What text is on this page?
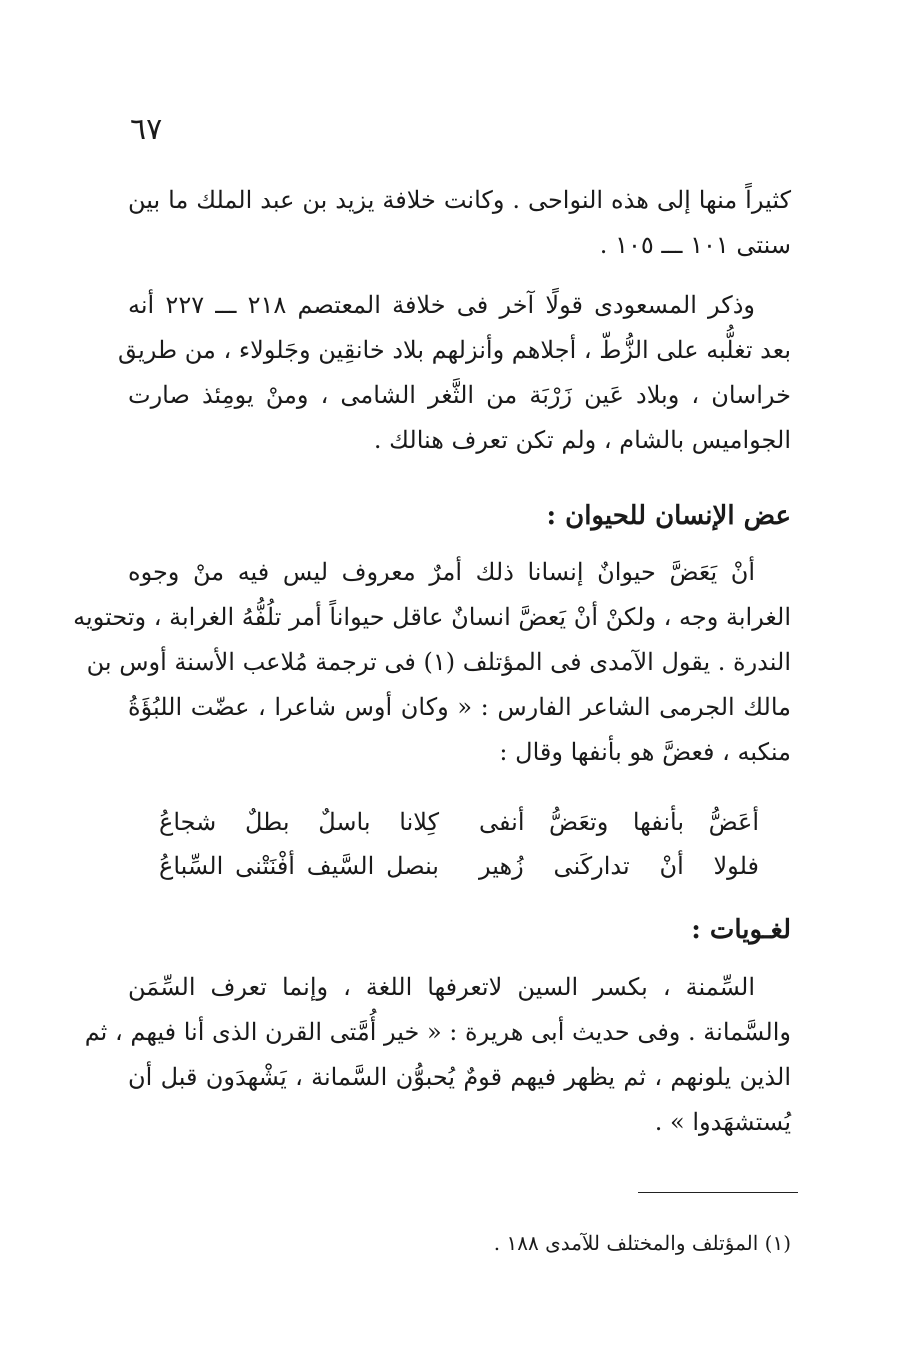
٦٧
كثيراً منها إلى هذه النواحى . وكانت خلافة يزيد بن عبد الملك ما بين
سنتى ١٠١ ـــ ١٠٥ .
وذكر المسعودى قولًا آخر فى خلافة المعتصم ٢١٨ ـــ ٢٢٧ أنه
بعد تغلُّبه على الزُّطّ ، أجلاهم وأنزلهم بلاد خانقِين وجَلولاء ، من طريق
خراسان ، وبلاد عَين زَرْبَة من الثَّغر الشامى ، ومنْ يومِئذ صارت
الجواميس بالشام ، ولم تكن تعرف هنالك .
عض الإنسان للحيوان :
أنْ يَعَضَّ حيوانٌ إنسانا ذلك أمرٌ معروف ليس فيه منْ وجوه
الغرابة وجه ، ولكنْ أنْ يَعضَّ انسانٌ عاقل حيواناً أمر تلُفُّهُ الغرابة ، وتحتويه
الندرة . يقول الآمدى فى المؤتلف (١) فى ترجمة مُلاعب الأسنة أوس بن
مالك الجرمى الشاعر الفارس : « وكان أوس شاعرا ، عضّت اللبُؤَةُ
منكبه ، فعضَّ هو بأنفها وقال :
أعَضُّ بأنفها وتعَضُّ أنفى
كِلانا باسلٌ بطلٌ شجاعُ
فلولا أنْ تداركَنى زُهير
بنصل السَّيف أفْنَتْنى السِّباعُ
لغـويات :
السِّمنة ، بكسر السين لاتعرفها اللغة ، وإنما تعرف السِّمَن
والسَّمانة . وفى حديث أبى هريرة : « خير أُمَّتى القرن الذى أنا فيهم ، ثم
الذين يلونهم ، ثم يظهر فيهم قومٌ يُحبوُّن السَّمانة ، يَشْهدَون قبل أن
يُستشهَدوا » .
(١) المؤتلف والمختلف للآمدى ١٨٨ .
